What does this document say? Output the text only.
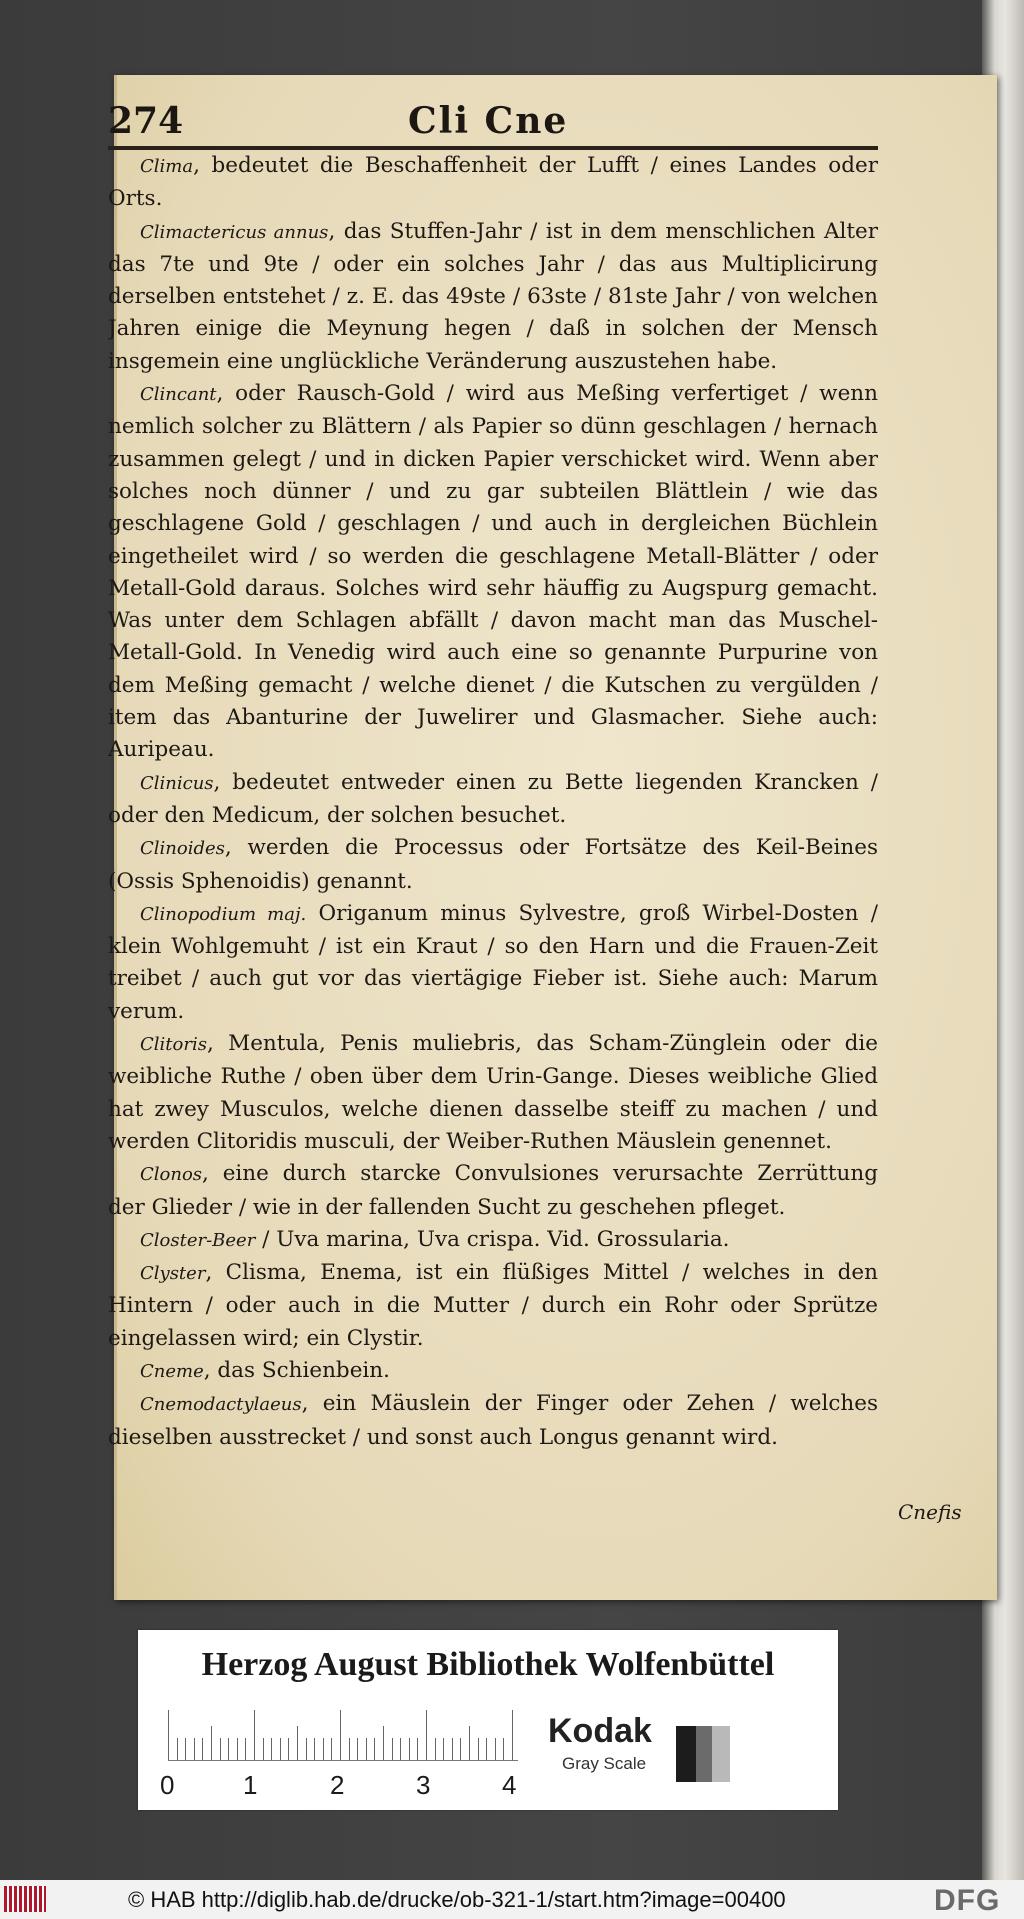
274	Cli Cne

Clima, bedeutet die Beschaffenheit der Lufft / eines Landes oder Orts.

Climactericus annus, das Stuffen-Jahr / ist in dem menschlichen Alter das 7te und 9te / oder ein solches Jahr / das aus Multiplicirung derselben entstehet / z. E. das 49ste / 63ste / 81ste Jahr / von welchen Jahren einige die Meynung hegen / daß in solchen der Mensch insgemein eine unglückliche Veränderung auszustehen habe.

Clincant, oder Rausch-Gold / wird aus Meßing verfertiget / wenn nemlich solcher zu Blättern / als Papier so dünn geschlagen / hernach zusammen gelegt / und in dicken Papier verschicket wird. Wenn aber solches noch dünner / und zu gar subteilen Blättlein / wie das geschlagene Gold / geschlagen / und auch in dergleichen Büchlein eingetheilet wird / so werden die geschlagene Metall-Blätter / oder Metall-Gold daraus. Solches wird sehr häuffig zu Augspurg gemacht. Was unter dem Schlagen abfällt / davon macht man das Muschel-Metall-Gold. In Venedig wird auch eine so genannte Purpurine von dem Meßing gemacht / welche dienet / die Kutschen zu vergülden / item das Abanturine der Juwelirer und Glasmacher. Siehe auch: Auripeau.

Clinicus, bedeutet entweder einen zu Bette liegenden Krancken / oder den Medicum, der solchen besuchet.

Clinoides, werden die Processus oder Fortsätze des Keil-Beines (Ossis Sphenoidis) genannt.

Clinopodium maj. Origanum minus Sylvestre, groß Wirbel-Dosten / klein Wohlgemuht / ist ein Kraut / so den Harn und die Frauen-Zeit treibet / auch gut vor das viertägige Fieber ist. Siehe auch: Marum verum.

Clitoris, Mentula, Penis muliebris, das Scham-Zünglein oder die weibliche Ruthe / oben über dem Urin-Gange. Dieses weibliche Glied hat zwey Musculos, welche dienen dasselbe steiff zu machen / und werden Clitoridis musculi, der Weiber-Ruthen Mäuslein genennet.

Clonos, eine durch starcke Convulsiones verursachte Zerrüttung der Glieder / wie in der fallenden Sucht zu geschehen pfleget.

Closter-Beer / Uva marina, Uva crispa. Vid. Grossularia.

Clyster, Clisma, Enema, ist ein flüßiges Mittel / welches in den Hintern / oder auch in die Mutter / durch ein Rohr oder Sprütze eingelassen wird; ein Clystir.

Cneme, das Schienbein.

Cnemodactylaeus, ein Mäuslein der Finger oder Zehen / welches dieselben ausstrecket / und sonst auch Longus genannt wird.

Cnefis
Herzog August Bibliothek Wolfenbüttel
0	1	2	3	4
Kodak
Gray Scale
© HAB http://diglib.hab.de/drucke/ob-321-1/start.htm?image=00400	DFG
